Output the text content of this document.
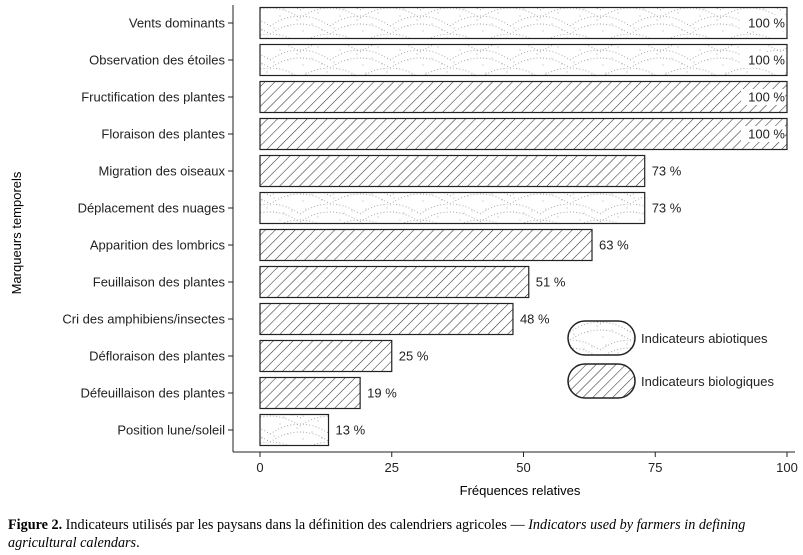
0	25	50	75	100
Vents dominants
Observation des étoiles
Fructification des plantes
Floraison des plantes
Migration des oiseaux
Déplacement des nuages
Apparition des lombrics
Feuillaison des plantes
Cri des amphibiens/insectes
Défloraison des plantes
Défeuillaison des plantes
Position lune/soleil
100 %
100 %
100 %
100 %
73 %
73 %
63 %
51 %
48 %
25 %
19 %
13 %
Indicateurs abiotiques
Indicateurs biologiques
Marqueurs temporels
Fréquences relatives
Figure 2. Indicateurs utilisés par les paysans dans la définition des calendriers agricoles — Indicators used by farmers in defining agricultural calendars.
